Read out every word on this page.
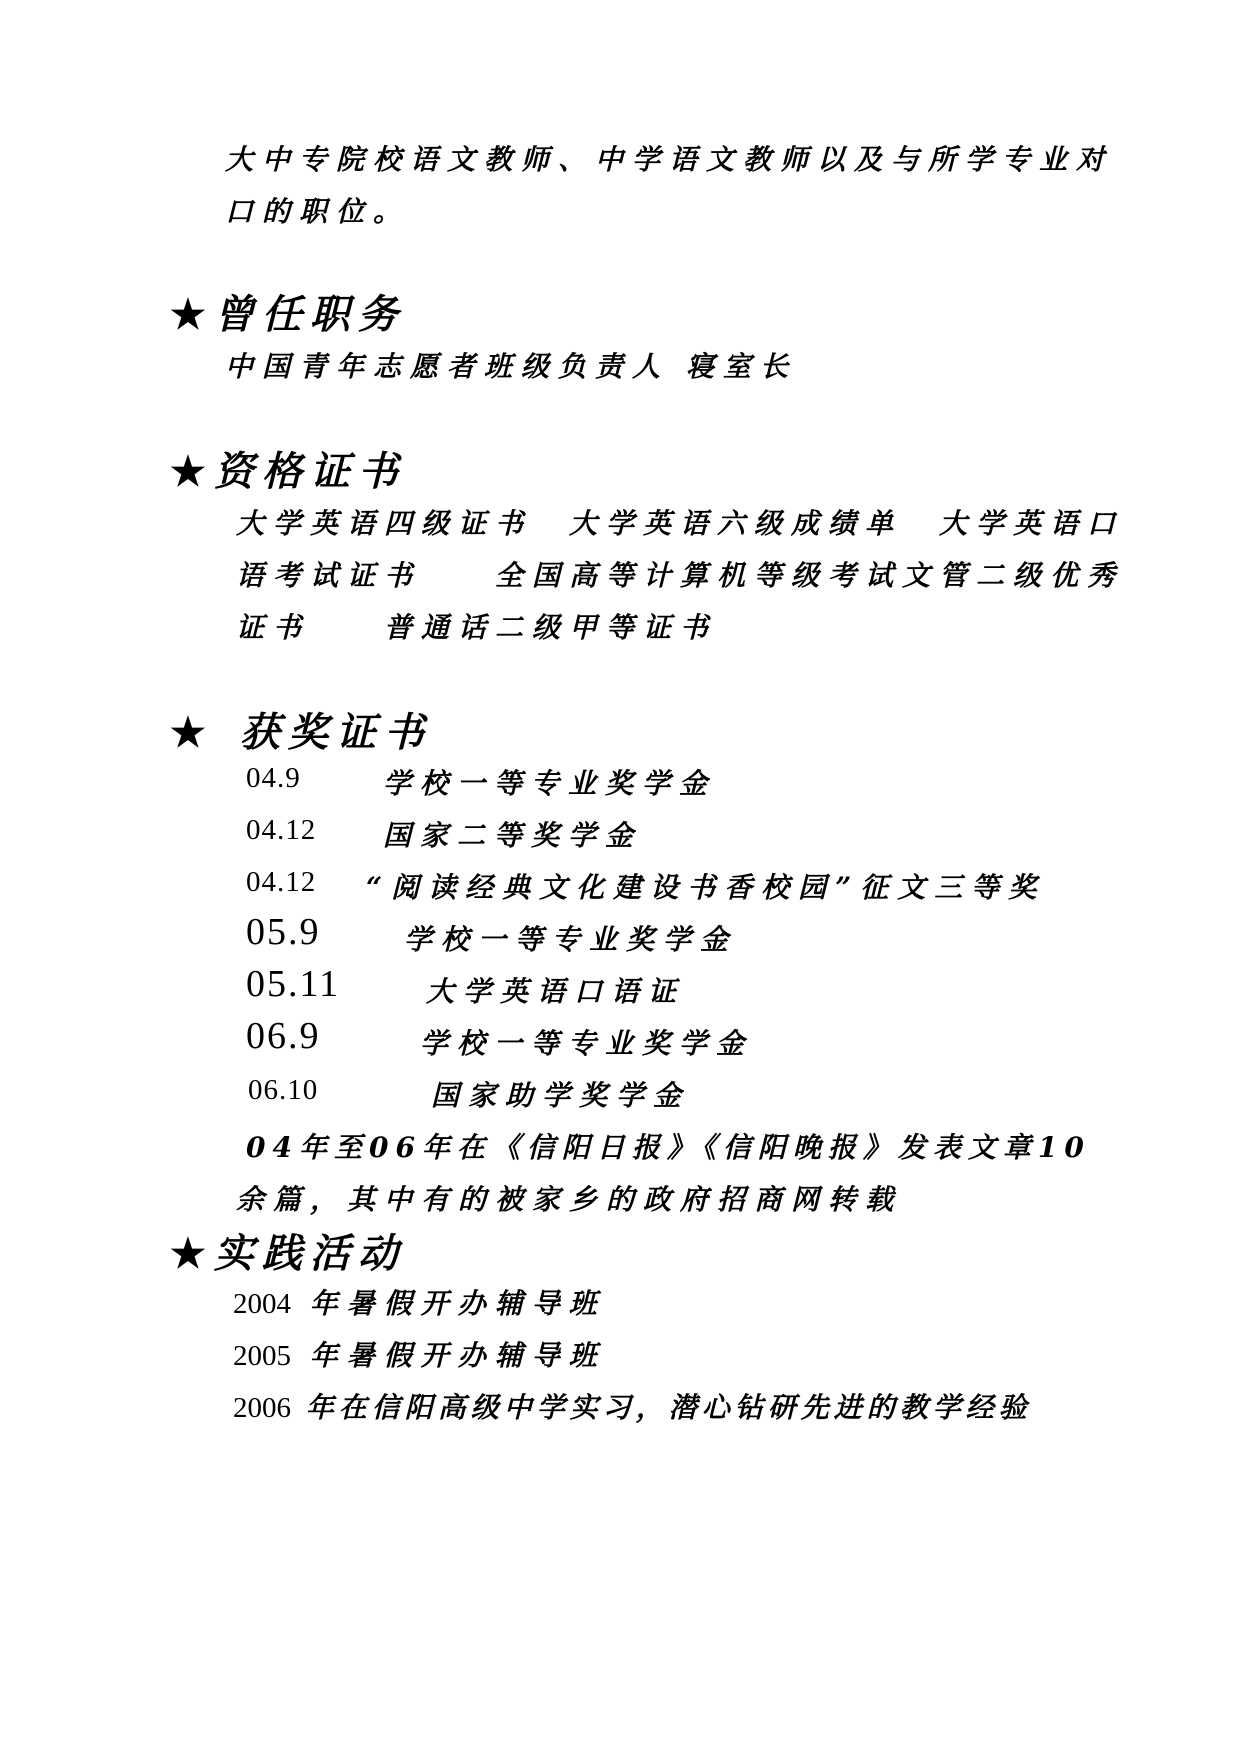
大中专院校语文教师、中学语文教师以及与所学专业对
口的职位。
★曾任职务
中国青年志愿者班级负责人 寝室长
★资格证书
大学英语四级证书　大学英语六级成绩单　大学英语口
语考试证书　　全国高等计算机等级考试文管二级优秀
证书　　普通话二级甲等证书
★ 获奖证书
04.9	学校一等专业奖学金
04.12 国家二等奖学金
04.12 “阅读经典文化建设书香校园”征文三等奖
05.9	学校一等专业奖学金
05.11	大学英语口语证
06.9	学校一等专业奖学金
06.10	国家助学奖学金
04年至06年在《信阳日报》《信阳晚报》发表文章10
余篇，其中有的被家乡的政府招商网转载
★实践活动
2004 年暑假开办辅导班
2005 年暑假开办辅导班
2006 年在信阳高级中学实习，潜心钻研先进的教学经验
